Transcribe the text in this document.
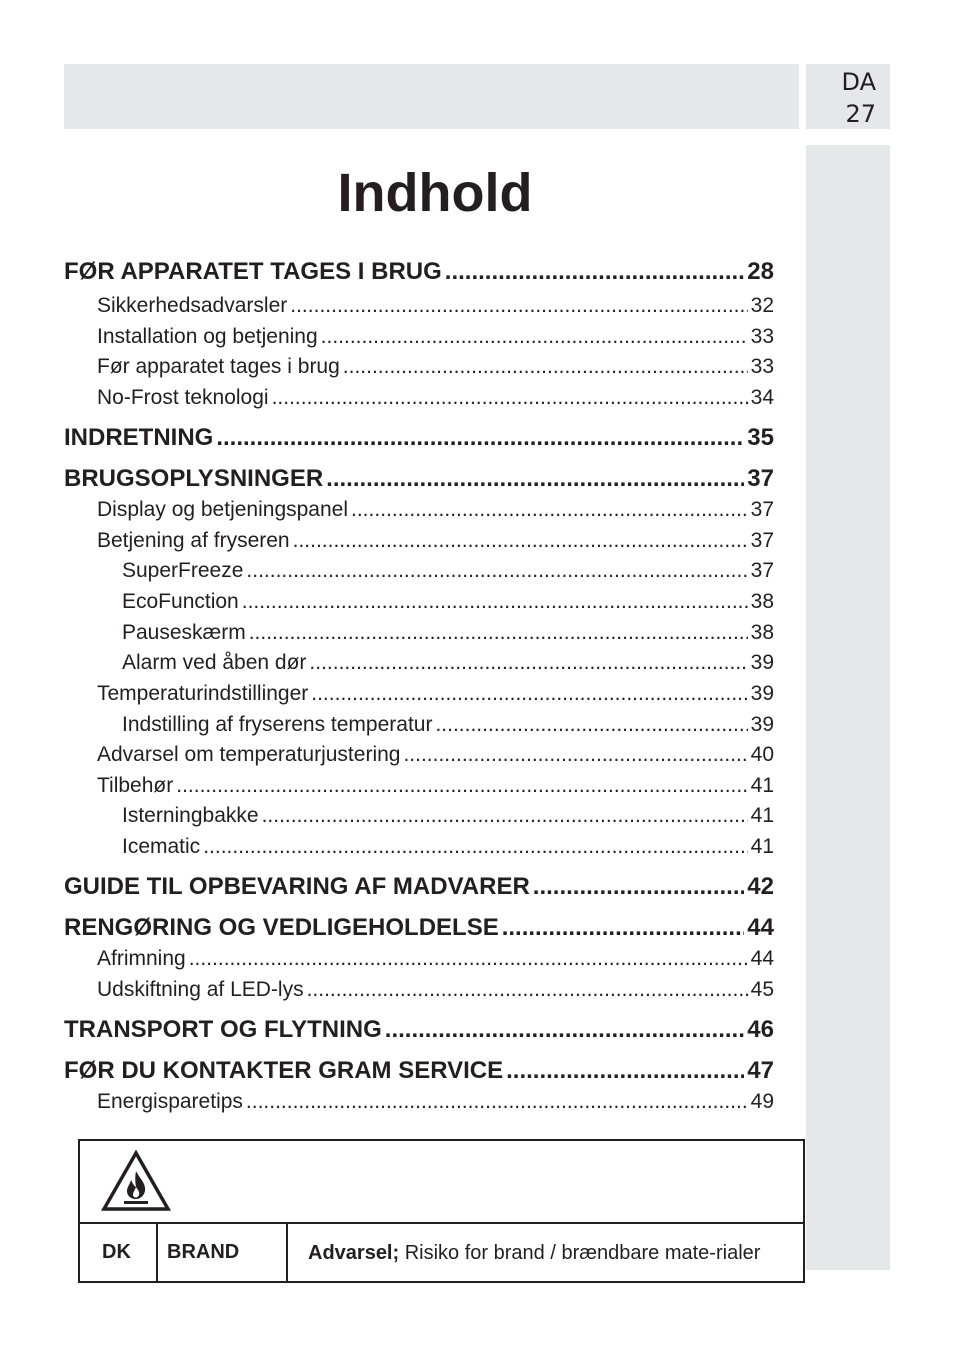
DA
27
Indhold
FØR APPARATET TAGES I BRUG .....	28
Sikkerhedsadvarsler .....	32
Installation og betjening .....	33
Før apparatet tages i brug .....	33
No-Frost teknologi .....	34
INDRETNING .....	35
BRUGSOPLYSNINGER .....	37
Display og betjeningspanel .....	37
Betjening af fryseren .....	37
SuperFreeze .....	37
EcoFunction .....	38
Pauseskærm .....	38
Alarm ved åben dør .....	39
Temperaturindstillinger .....	39
Indstilling af fryserens temperatur .....	39
Advarsel om temperaturjustering .....	40
Tilbehør .....	41
Isterningbakke .....	41
Icematic .....	41
GUIDE TIL OPBEVARING AF MADVARER .....	42
RENGØRING OG VEDLIGEHOLDELSE .....	44
Afrimning .....	44
Udskiftning af LED-lys .....	45
TRANSPORT OG FLYTNING .....	46
FØR DU KONTAKTER GRAM SERVICE .....	47
Energisparetips .....	49
DK	BRAND	Advarsel; Risiko for brand / brændbare mate-rialer
